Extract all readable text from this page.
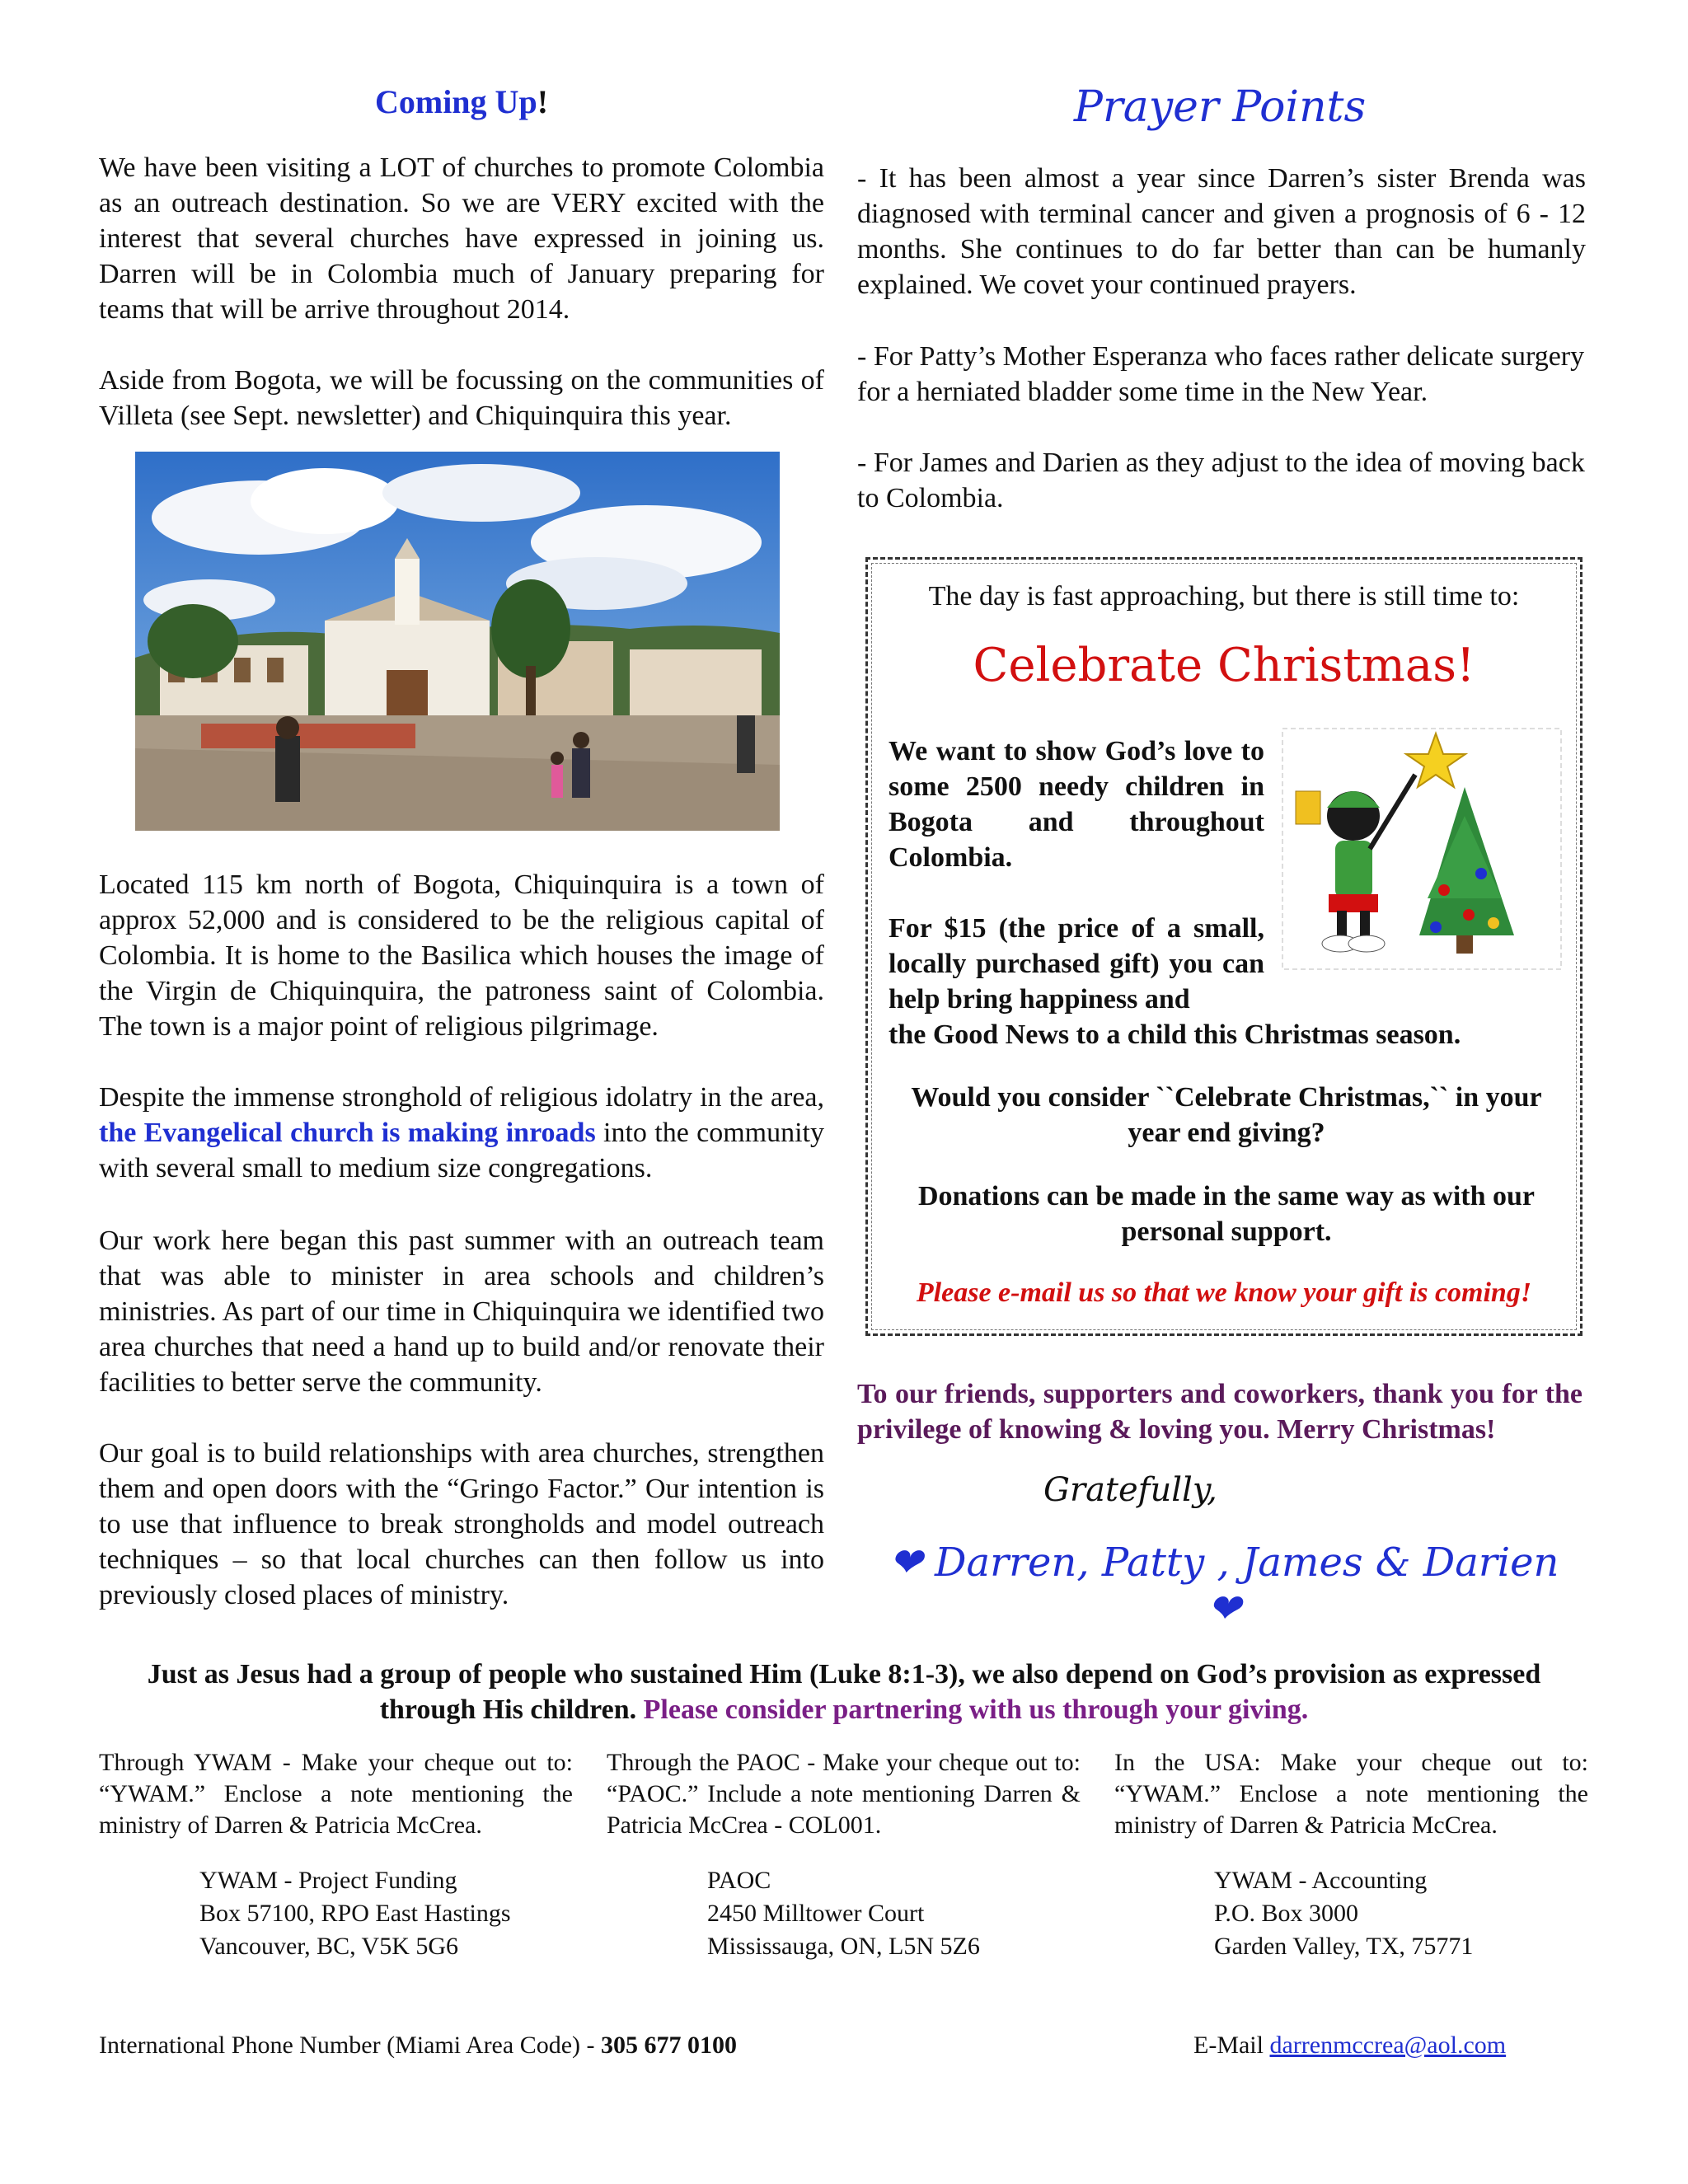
Coming Up!

We have been visiting a LOT of churches to promote Colombia as an outreach destination. So we are VERY excited with the interest that several churches have expressed in joining us. Darren will be in Colombia much of January preparing for teams that will be arrive throughout 2014.

Aside from Bogota, we will be focussing on the communities of Villeta (see Sept. newsletter) and Chiquinquira this year.

Located 115 km north of Bogota, Chiquinquira is a town of approx 52,000 and is considered to be the religious capital of Colombia. It is home to the Basilica which houses the image of the Virgin de Chiquinquira, the patroness saint of Colombia. The town is a major point of religious pilgrimage.

Despite the immense stronghold of religious idolatry in the area, the Evangelical church is making inroads into the community with several small to medium size congregations.

Our work here began this past summer with an outreach team that was able to minister in area schools and children’s ministries. As part of our time in Chiquinquira we identified two area churches that need a hand up to build and/or renovate their facilities to better serve the community.

Our goal is to build relationships with area churches, strengthen them and open doors with the “Gringo Factor.” Our intention is to use that influence to break strongholds and model outreach techniques – so that local churches can then follow us into previously closed places of ministry.

Prayer Points

- It has been almost a year since Darren’s sister Brenda was diagnosed with terminal cancer and given a prognosis of 6 - 12 months. She continues to do far better than can be humanly explained. We covet your continued prayers.

- For Patty’s Mother Esperanza who faces rather delicate surgery for a herniated bladder some time in the New Year.

- For James and Darien as they adjust to the idea of moving back to Colombia.

The day is fast approaching, but there is still time to:
Celebrate Christmas!

We want to show God’s love to some 2500 needy children in Bogota and throughout Colombia.

For $15 (the price of a small, locally purchased gift) you can help bring happiness and

the Good News to a child this Christmas season.

Would you consider ``Celebrate Christmas,`` in your year end giving?

Donations can be made in the same way as with our personal support.

Please e-mail us so that we know your gift is coming!

To our friends, supporters and coworkers, thank you for the privilege of knowing & loving you. Merry Christmas!

Gratefully,
❤ Darren, Patty , James & Darien❤

Just as Jesus had a group of people who sustained Him (Luke 8:1-3), we also depend on God’s provision as expressed through His children. Please consider partnering with us through your giving.

Through YWAM - Make your cheque out to: “YWAM.” Enclose a note mentioning the ministry of Darren & Patricia McCrea.

Through the PAOC - Make your cheque out to: “PAOC.” Include a note mentioning Darren & Patricia McCrea - COL001.

In the USA: Make your cheque out to: “YWAM.” Enclose a note mentioning the ministry of Darren & Patricia McCrea.

YWAM - Project Funding
Box 57100, RPO East Hastings
Vancouver, BC, V5K 5G6
PAOC
2450 Milltower Court
Mississauga, ON, L5N 5Z6
YWAM - Accounting
P.O. Box 3000
Garden Valley, TX, 75771
International Phone Number (Miami Area Code) - 305 677 0100	E-Mail darrenmccrea@aol.com
